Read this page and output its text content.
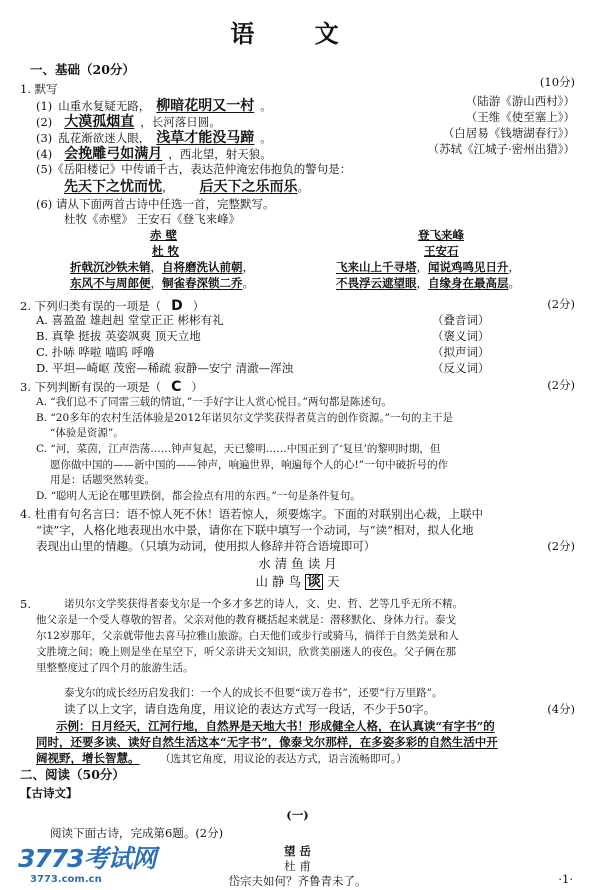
语 文
一、基础（20分）
1. 默写	(10分)
(1) 山重水复疑无路， 柳暗花明又一村 。	（陆游《游山西村》）
(2) 大漠孤烟直 ，长河落日圆。	（王维《使至塞上》）
(3) 乱花渐欲迷人眼， 浅草才能没马蹄 。	（白居易《钱塘湖春行》）
(4) 会挽雕弓如满月 ，西北望，射天狼。	（苏轼《江城子·密州出猎》）
(5)《岳阳楼记》中传诵千古，表达范仲淹宏伟抱负的警句是：
先天下之忧而忧， 后天下之乐而乐。
(6) 请从下面两首古诗中任选一首，完整默写。
杜牧《赤壁》 王安石《登飞来峰》
赤 壁
杜 牧
折戟沉沙铁未销，自将磨洗认前朝，
东风不与周郎便，铜雀春深锁二乔。
登飞来峰
王安石
飞来山上千寻塔，闻说鸡鸣见日升，
不畏浮云遮望眼，自缘身在最高层。
2. 下列归类有误的一项是（ D ）	(2分)
A. 喜盈盈 雄赳赳 堂堂正正 彬彬有礼	（叠音词）
B. 真挚 挺拔 英姿飒爽 顶天立地	（褒义词）
C. 扑哧 哗啦 喵呜 呼噜	（拟声词）
D. 平坦—崎岖 茂密—稀疏 寂静—安宁 清澈—浑浊	（反义词）
3. 下列判断有误的一项是（ C ）	(2分)
A. “我们总不了同雷三载的情谊，”一手好字让人赏心悦目。”两句都是陈述句。
B. “20多年的农村生活体验是2012年诺贝尔文学奖获得者莫言的创作资源。”一句的主干是
“体验是资源”。
C. “河，菜茵，江声浩荡……钟声复起，天已黎明……中国正到了‘复旦’的黎明时期，但
愿你做中国的——新中国的——钟声，响遍世界，响遍每个人的心!”一句中破折号的作
用是：话题突然转变。
D. “聪明人无论在哪里跌倒，都会捡点有用的东西。”一句是条件复句。
4. 杜甫有句名言曰：语不惊人死不休！语若惊人，须要炼字。下面的对联别出心裁，上联中
“读”字，人格化地表现出水中景，请你在下联中填写一个动词，与“读”相对，拟人化地
表现出山里的情趣。（只填为动词，使用拟人修辞并符合语境即可）	(2分)
水 清 鱼 读 月
山 静 鸟 谈 天
5.	诺贝尔文学奖获得者泰戈尔是一个多才多艺的诗人，文、史、哲、艺等几乎无所不精。
他父亲是一个受人尊敬的智者。父亲对他的教育概括起来就是：潜移默化、身体力行。泰戈
尔12岁那年，父亲就带他去喜马拉雅山旅游。白天他们或步行或骑马，徜徉于自然美景和人
文胜境之间；晚上则是坐在星空下，听父亲讲天文知识，欣赏美丽迷人的夜色。父子俩在那
里整整度过了四个月的旅游生活。
泰戈尔的成长经历启发我们：一个人的成长不但要“读万卷书”，还要“行万里路”。
读了以上文字，请自选角度，用议论的表达方式写一段话，不少于50字。	(4分)
示例：日月经天，江河行地，自然界是天地大书！形成健全人格，在认真读“有字书”的
同时，还要多读、读好自然生活这本“无字书”，像泰戈尔那样，在多姿多彩的自然生活中开
阔视野，增长智慧。 （选其它角度，用议论的表达方式，语言流畅即可。）
二、阅读（50分）
【古诗文】
(一)
阅读下面古诗，完成第6题。(2分)
望 岳
杜 甫
岱宗夫如何？齐鲁青未了。
3773考试网
3773.com.cn	·1·
